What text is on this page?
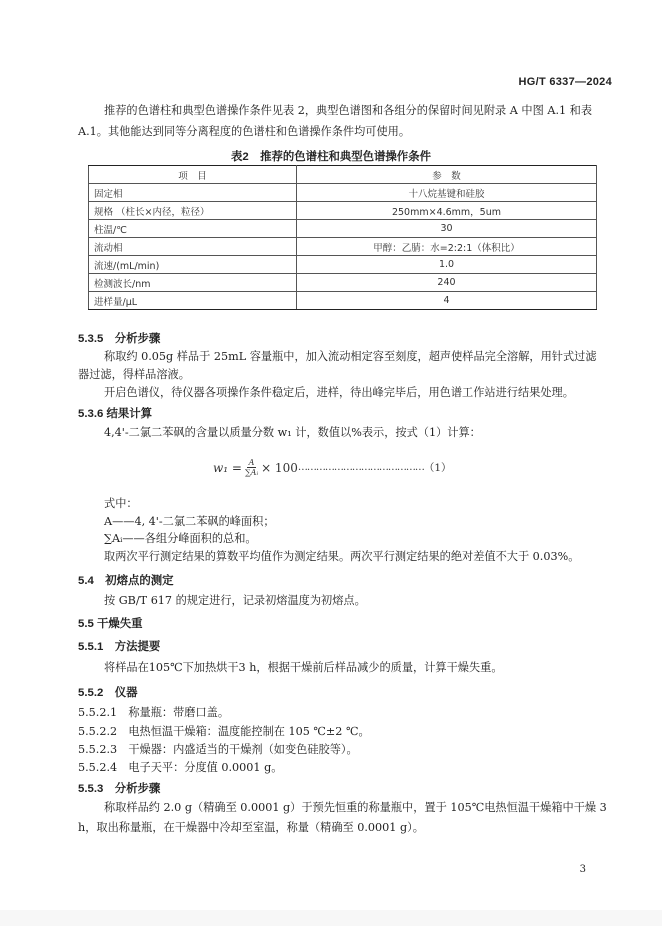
HG/T 6337—2024
推荐的色谱柱和典型色谱操作条件见表 2，典型色谱图和各组分的保留时间见附录 A 中图 A.1 和表
A.1。其他能达到同等分离程度的色谱柱和色谱操作条件均可使用。
表2　推荐的色谱柱和典型色谱操作条件
项　目	参　数
固定相	十八烷基键和硅胶
规格 （柱长×内径，粒径）	250mm×4.6mm，5um
柱温/℃	30
流动相	甲醇：乙腈：水=2:2:1（体积比）
流速/(mL/min)	1.0
检测波长/nm	240
进样量/μL	4
5.3.5　分析步骤
称取约 0.05g 样品于 25mL 容量瓶中，加入流动相定容至刻度，超声使样品完全溶解，用针式过滤
器过滤，得样品溶液。
开启色谱仪，待仪器各项操作条件稳定后，进样，待出峰完毕后，用色谱工作站进行结果处理。
5.3.6 结果计算
4,4'-二氯二苯砜的含量以质量分数 w₁ 计，数值以%表示，按式（1）计算：
$w_1 = \frac{A}{\text{∑Aᵢ}} \times 100$ …………………………………… （1）
式中：
A——4, 4'-二氯二苯砜的峰面积；
∑Aᵢ——各组分峰面积的总和。
取两次平行测定结果的算数平均值作为测定结果。两次平行测定结果的绝对差值不大于 0.03%。
5.4　初熔点的测定
按 GB/T 617 的规定进行，记录初熔温度为初熔点。
5.5 干燥失重
5.5.1　方法提要
将样品在105℃下加热烘干3 h，根据干燥前后样品减少的质量，计算干燥失重。
5.5.2　仪器
5.5.2.1　称量瓶：带磨口盖。
5.5.2.2　电热恒温干燥箱：温度能控制在 105 ℃±2 ℃。
5.5.2.3　干燥器：内盛适当的干燥剂（如变色硅胶等）。
5.5.2.4　电子天平：分度值 0.0001 g。
5.5.3　分析步骤
称取样品约 2.0 g（精确至 0.0001 g）于预先恒重的称量瓶中，置于 105℃电热恒温干燥箱中干燥 3
h，取出称量瓶，在干燥器中冷却至室温，称量（精确至 0.0001 g）。
3
